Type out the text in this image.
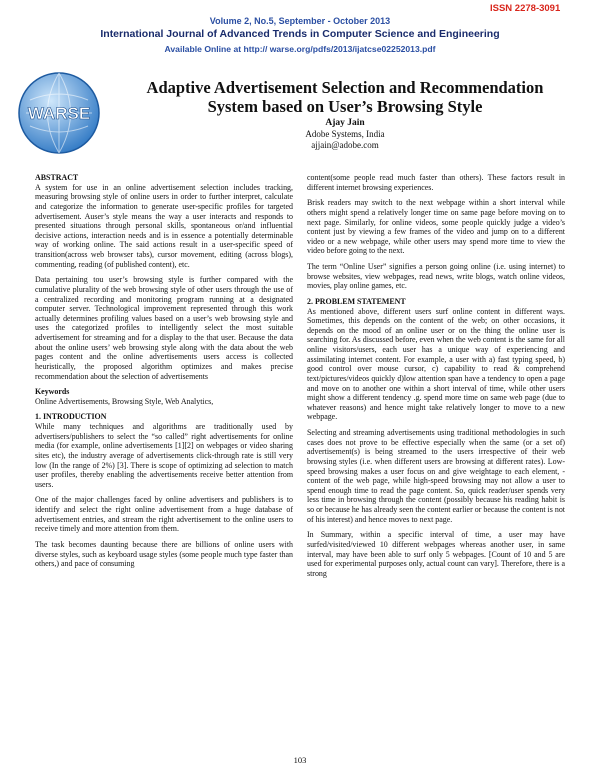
ISSN 2278-3091
Volume 2, No.5, September - October 2013
International Journal of Advanced Trends in Computer Science and Engineering
Available Online at http:// warse.org/pdfs/2013/ijatcse02252013.pdf
WARSE
Adaptive Advertisement Selection and Recommendation
System based on User’s Browsing Style
Ajay Jain
Adobe Systems, India
ajjain@adobe.com
ABSTRACT

A system for use in an online advertisement selection includes tracking, measuring browsing style of online users in order to further interpret, calculate and categorize the information to generate user-specific profiles for targeted advertisement. Auser’s style means the way a user interacts and responds to presented situations through personal skills, spontaneous or/and influential decisive actions, interaction needs and is in essence a potentially determinable way of working online. The said actions result in a user-specific speed of transition(across web browser tabs), cursor movement, editing (across blogs), commenting, reading (of published content), etc.

Data pertaining tou user’s browsing style is further compared with the cumulative plurality of the web browsing style of other users through the use of a centralized recording and monitoring program running at a designated computer server. Technological improvement represented through this work actually determines profiling values based on a user’s web browsing style and uses the categorized profiles to intelligently select the most suitable advertisement for streaming and for a display to the that user. Because the data about the online users’ web browsing style along with the data about the web pages content and the online advertisements users access is collected heuristically, the proposed algorithm optimizes and makes precise recommendation about the selection of advertisements

Keywords

Online Advertisements, Browsing Style, Web Analytics,

1. INTRODUCTION

While many techniques and algorithms are traditionally used by advertisers/publishers to select the “so called” right advertisements for online media (for example, online advertisements [1][2] on webpages or video sharing sites etc), the industry average of advertisements click-through rate is still very low (In the range of 2%) [3]. There is scope of optimizing ad selection to match user profiles, thereby enabling the advertisements receive better attention from users.

One of the major challenges faced by online advertisers and publishers is to identify and select the right online advertisement from a huge database of advertisement entries, and stream the right advertisement to the online users to receive timely and more attention from them.

The task becomes daunting because there are billions of online users with diverse styles, such as keyboard usage styles (some people much type faster than others,) and pace of consuming

content(some people read much faster than others). These factors result in different internet browsing experiences.

Brisk readers may switch to the next webpage within a short interval while others might spend a relatively longer time on same page before moving on to next page. Similarly, for online videos, some people quickly judge a video’s content just by viewing a few frames of the video and jump on to a different video or a new webpage, while other users may spend more time to view the video before going to the next.

The term “Online User” signifies a person going online (i.e. using internet) to browse websites, view webpages, read news, write blogs, watch online videos, movies, play online games, etc.

2. PROBLEM STATEMENT

As mentioned above, different users surf online content in different ways. Sometimes, this depends on the content of the web; on other occasions, it depends on the mood of an online user or on the thing the online user is searching for. As discussed before, even when the web content is the same for all online visitors/users, each user has a unique way of experiencing and assimilating internet content. For example, a user with a) fast typing speed, b) good control over mouse cursor, c) capability to read & comprehend text/pictures/videos quickly d)low attention span have a tendency to open a page and move on to another one within a short interval of time, while other users might show a different tendency .g. spend more time on same web page (due to whatever reasons) and hence might take relatively longer to move to a new webpage.

Selecting and streaming advertisements using traditional methodologies in such cases does not prove to be effective especially when the same (or a set of) advertisement(s) is being streamed to the users irrespective of their web browsing styles (i.e. when different users are browsing at different rates). Low-speed browsing makes a user focus on and give weightage to each element, - content of the web page, while high-speed browsing may not allow a user to spend enough time to read the page content. So, quick reader/user spends very less time in browsing through the content (possibly because his reading habit is so or because he has already seen the content earlier or because the content is not of his interest) and hence moves to next page.

In Summary, within a specific interval of time, a user may have surfed/visited/viewed 10 different webpages whereas another user, in same interval, may have been able to surf only 5 webpages. [Count of 10 and 5 are used for experimental purposes only, actual count can vary]. Therefore, there is a strong

103
